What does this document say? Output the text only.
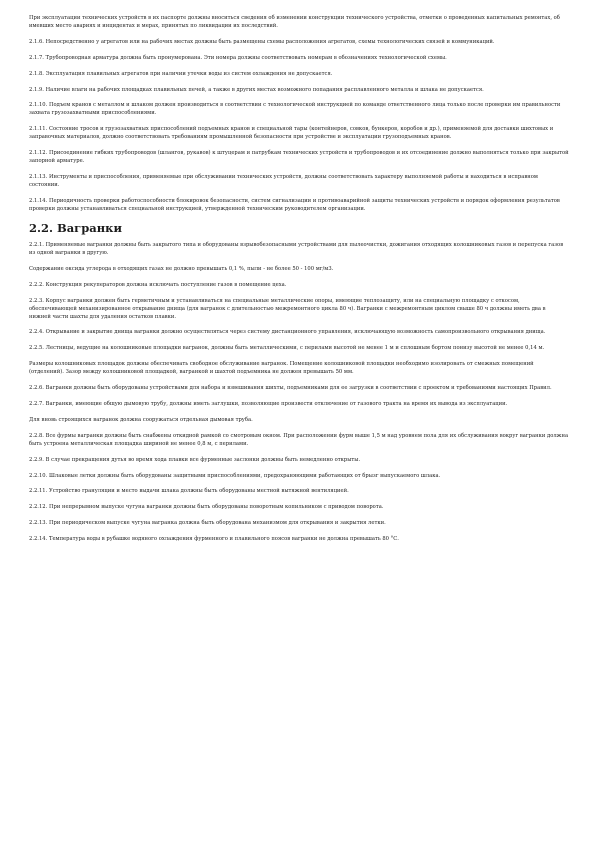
При эксплуатации технических устройств в их паспорте должны вноситься сведения об изменении конструкции технического устройства, отметки о проведенных капитальных ремонтах, об имевших место авариях и инцидентах и мерах, принятых по ликвидации их последствий.

2.1.6. Непосредственно у агрегатов или на рабочих местах должны быть размещены схемы расположения агрегатов, схемы технологических связей и коммуникаций.

2.1.7. Трубопроводная арматура должна быть пронумерована. Эти номера должны соответствовать номерам в обозначениях технологической схемы.

2.1.8. Эксплуатация плавильных агрегатов при наличии утечки воды из систем охлаждения не допускается.

2.1.9. Наличие влаги на рабочих площадках плавильных печей, а также в других местах возможного попадания расплавленного металла и шлака не допускается.

2.1.10. Подъем кранов с металлом и шлаком должен производиться в соответствии с технологической инструкцией по команде ответственного лица только после проверки им правильности захвата грузозахватными приспособлениями.

2.1.11. Состояние тросов и грузозахватных приспособлений подъемных кранов и специальной тары (контейнеров, совков, бункеров, коробов и др.), применяемой для доставки шихтовых и заправочных материалов, должно соответствовать требованиям промышленной безопасности при устройстве и эксплуатации грузоподъемных кранов.

2.1.12. Присоединение гибких трубопроводов (шлангов, рукавов) к штуцерам и патрубкам технических устройств и трубопроводов и их отсоединение должно выполняться только при закрытой запорной арматуре.

2.1.13. Инструменты и приспособления, применяемые при обслуживании технических устройств, должны соответствовать характеру выполняемой работы и находиться в исправном состоянии.

2.1.14. Периодичность проверки работоспособности блокировок безопасности, систем сигнализации и противоаварийной защиты технических устройств и порядок оформления результатов проверки должны устанавливаться специальной инструкцией, утвержденной техническим руководителем организации.

2.2. Вагранки

2.2.1. Применяемые вагранки должны быть закрытого типа и оборудованы взрывобезопасными устройствами для пылеочистки, дожигания отходящих колошниковых газов и перепуска газов из одной вагранки в другую.

Содержание оксида углерода в отходящих газах не должно превышать 0,1 %, пыли - не более 50 - 100 мг/м3.

2.2.2. Конструкция рекуператоров должна исключать поступление газов в помещение цеха.

2.2.3. Корпус вагранки должен быть герметичным и устанавливаться на специальные металлические опоры, имеющие теплозащиту, или на специальную площадку с откосом, обеспечивающей механизированное открывание днища (для вагранок с длительностью межремонтного цикла 80 ч). Вагранки с межремонтным циклом свыше 80 ч должны иметь два в нижней части шахты для удаления остатков плавки.

2.2.4. Открывание и закрытие днища вагранки должно осуществляться через систему дистанционного управления, исключающую возможность самопроизвольного открывания днища.

2.2.5. Лестницы, ведущие на колошниковые площадки вагранок, должны быть металлическими, с перилами высотой не менее 1 м и сплошным бортом понизу высотой не менее 0,14 м.

Размеры колошниковых площадок должны обеспечивать свободное обслуживание вагранок. Помещение колошниковой площадки необходимо изолировать от смежных помещений (отделений). Зазор между колошниковой площадкой, вагранкой и шахтой подъемника не должен превышать 50 мм.

2.2.6. Вагранки должны быть оборудованы устройствами для набора и взвешивания шихты, подъемниками для ее загрузки в соответствии с проектом и требованиями настоящих Правил.

2.2.7. Вагранки, имеющие общую дымовую трубу, должны иметь заглушки, позволяющие произвести отключение от газового тракта на время их вывода из эксплуатации.

Для вновь строящихся вагранок должна сооружаться отдельная дымовая труба.

2.2.8. Все фурмы вагранки должны быть снабжены откидной рамкой со смотровым окном. При расположении фурм выше 1,5 м над уровнем пола для их обслуживания вокруг вагранки должна быть устроена металлическая площадка шириной не менее 0,8 м, с перилами.

2.2.9. В случае прекращения дутья во время хода плавки все фурменные заслонки должны быть немедленно открыты.

2.2.10. Шлаковые летки должны быть оборудованы защитными приспособлениями, предохраняющими работающих от брызг выпускаемого шлака.

2.2.11. Устройство грануляции и место выдачи шлака должны быть оборудованы местной вытяжной вентиляцией.

2.2.12. При непрерывном выпуске чугуна вагранки должны быть оборудованы поворотным копильником с приводом поворота.

2.2.13. При периодическом выпуске чугуна вагранка должна быть оборудована механизмом для открывания и закрытия летки.

2.2.14. Температура воды в рубашке водяного охлаждения фурменного и плавильного поясов вагранки не должна превышать 80 °С.
